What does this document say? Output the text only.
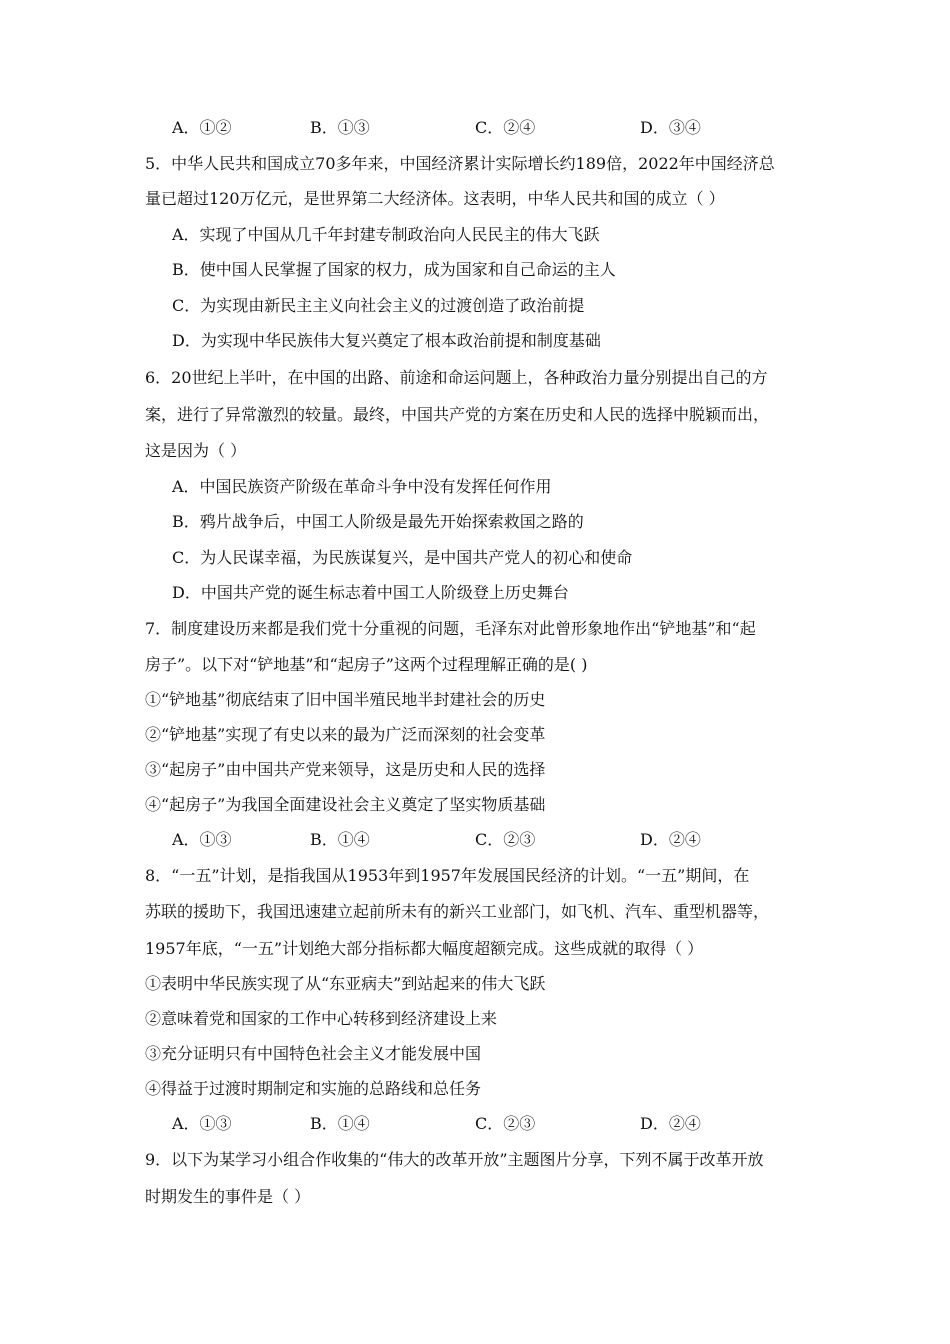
A．①②	B．①③	C．②④	D．③④
5．中华人民共和国成立70多年来，中国经济累计实际增长约189倍，2022年中国经济总
量已超过120万亿元，是世界第二大经济体。这表明，中华人民共和国的成立（ ）
A．实现了中国从几千年封建专制政治向人民民主的伟大飞跃
B．使中国人民掌握了国家的权力，成为国家和自己命运的主人
C．为实现由新民主主义向社会主义的过渡创造了政治前提
D．为实现中华民族伟大复兴奠定了根本政治前提和制度基础
6．20世纪上半叶，在中国的出路、前途和命运问题上，各种政治力量分别提出自己的方
案，进行了异常激烈的较量。最终，中国共产党的方案在历史和人民的选择中脱颖而出，
这是因为（ ）
A．中国民族资产阶级在革命斗争中没有发挥任何作用
B．鸦片战争后，中国工人阶级是最先开始探索救国之路的
C．为人民谋幸福，为民族谋复兴，是中国共产党人的初心和使命
D．中国共产党的诞生标志着中国工人阶级登上历史舞台
7．制度建设历来都是我们党十分重视的问题，毛泽东对此曾形象地作出“铲地基”和“起
房子”。以下对“铲地基”和“起房子”这两个过程理解正确的是( )
①“铲地基”彻底结束了旧中国半殖民地半封建社会的历史
②“铲地基”实现了有史以来的最为广泛而深刻的社会变革
③“起房子”由中国共产党来领导，这是历史和人民的选择
④“起房子”为我国全面建设社会主义奠定了坚实物质基础
A．①③	B．①④	C．②③	D．②④
8．“一五”计划，是指我国从1953年到1957年发展国民经济的计划。“一五”期间，在
苏联的援助下，我国迅速建立起前所未有的新兴工业部门，如飞机、汽车、重型机器等，
1957年底，“一五”计划绝大部分指标都大幅度超额完成。这些成就的取得（ ）
①表明中华民族实现了从“东亚病夫”到站起来的伟大飞跃
②意味着党和国家的工作中心转移到经济建设上来
③充分证明只有中国特色社会主义才能发展中国
④得益于过渡时期制定和实施的总路线和总任务
A．①③	B．①④	C．②③	D．②④
9．以下为某学习小组合作收集的“伟大的改革开放”主题图片分享，下列不属于改革开放
时期发生的事件是（ ）
